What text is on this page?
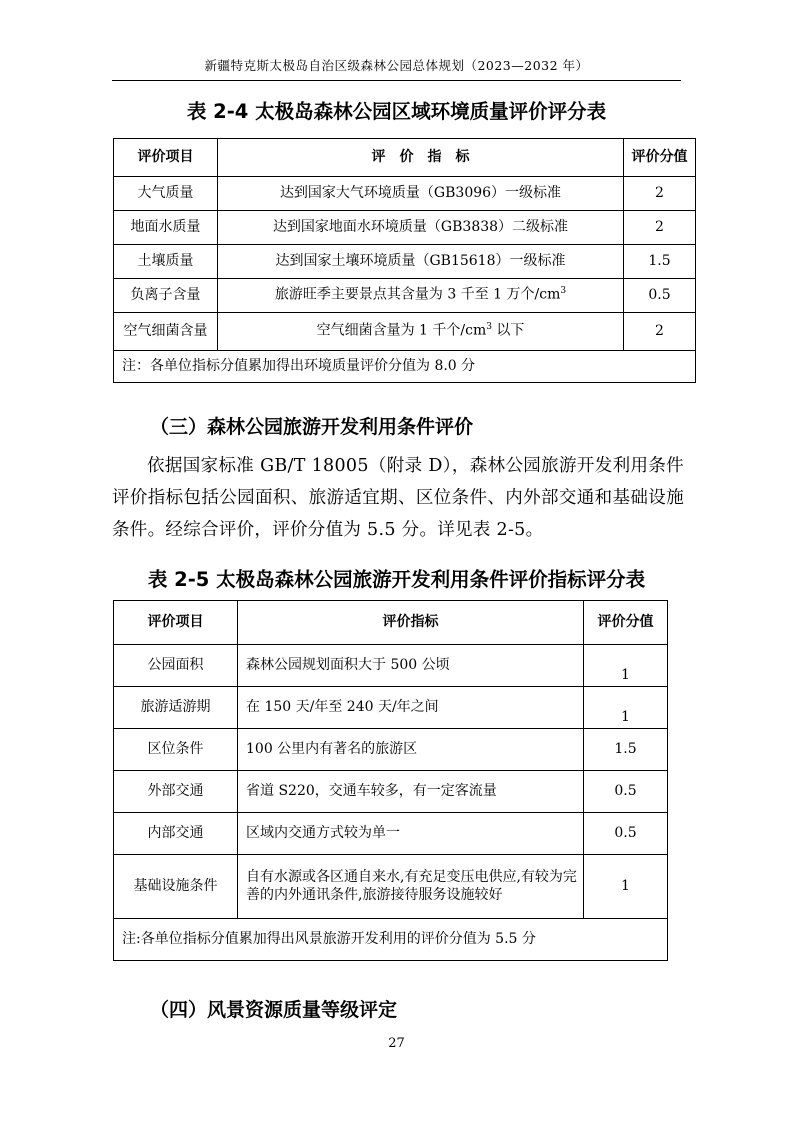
新疆特克斯太极岛自治区级森林公园总体规划（2023—2032 年）
表 2-4 太极岛森林公园区域环境质量评价评分表
评价项目	评　价　指　标	评价分值
大气质量	达到国家大气环境质量（GB3096）一级标准	2
地面水质量	达到国家地面水环境质量（GB3838）二级标准	2
土壤质量	达到国家土壤环境质量（GB15618）一级标准	1.5
负离子含量	旅游旺季主要景点其含量为 3 千至 1 万个$/cm^3$	0.5
空气细菌含量	空气细菌含量为 1 千个$/cm^3$ 以下	2
注：各单位指标分值累加得出环境质量评价分值为 8.0 分		
（三）森林公园旅游开发利用条件评价
依据国家标准 GB/T 18005（附录 D），森林公园旅游开发利用条件评价指标包括公园面积、旅游适宜期、区位条件、内外部交通和基础设施条件。经综合评价，评价分值为 5.5 分。详见表 2-5。
表 2-5 太极岛森林公园旅游开发利用条件评价指标评分表
评价项目	评价指标	评价分值
公园面积	森林公园规划面积大于 500 公顷	1
旅游适游期	在 150 天/年至 240 天/年之间	1
区位条件	100 公里内有著名的旅游区	1.5
外部交通	省道 S220，交通车较多，有一定客流量	0.5
内部交通	区域内交通方式较为单一	0.5
基础设施条件	自有水源或各区通自来水,有充足变压电供应,有较为完善的内外通讯条件,旅游接待服务设施较好	1
注:各单位指标分值累加得出风景旅游开发利用的评价分值为 5.5 分		
（四）风景资源质量等级评定
27
